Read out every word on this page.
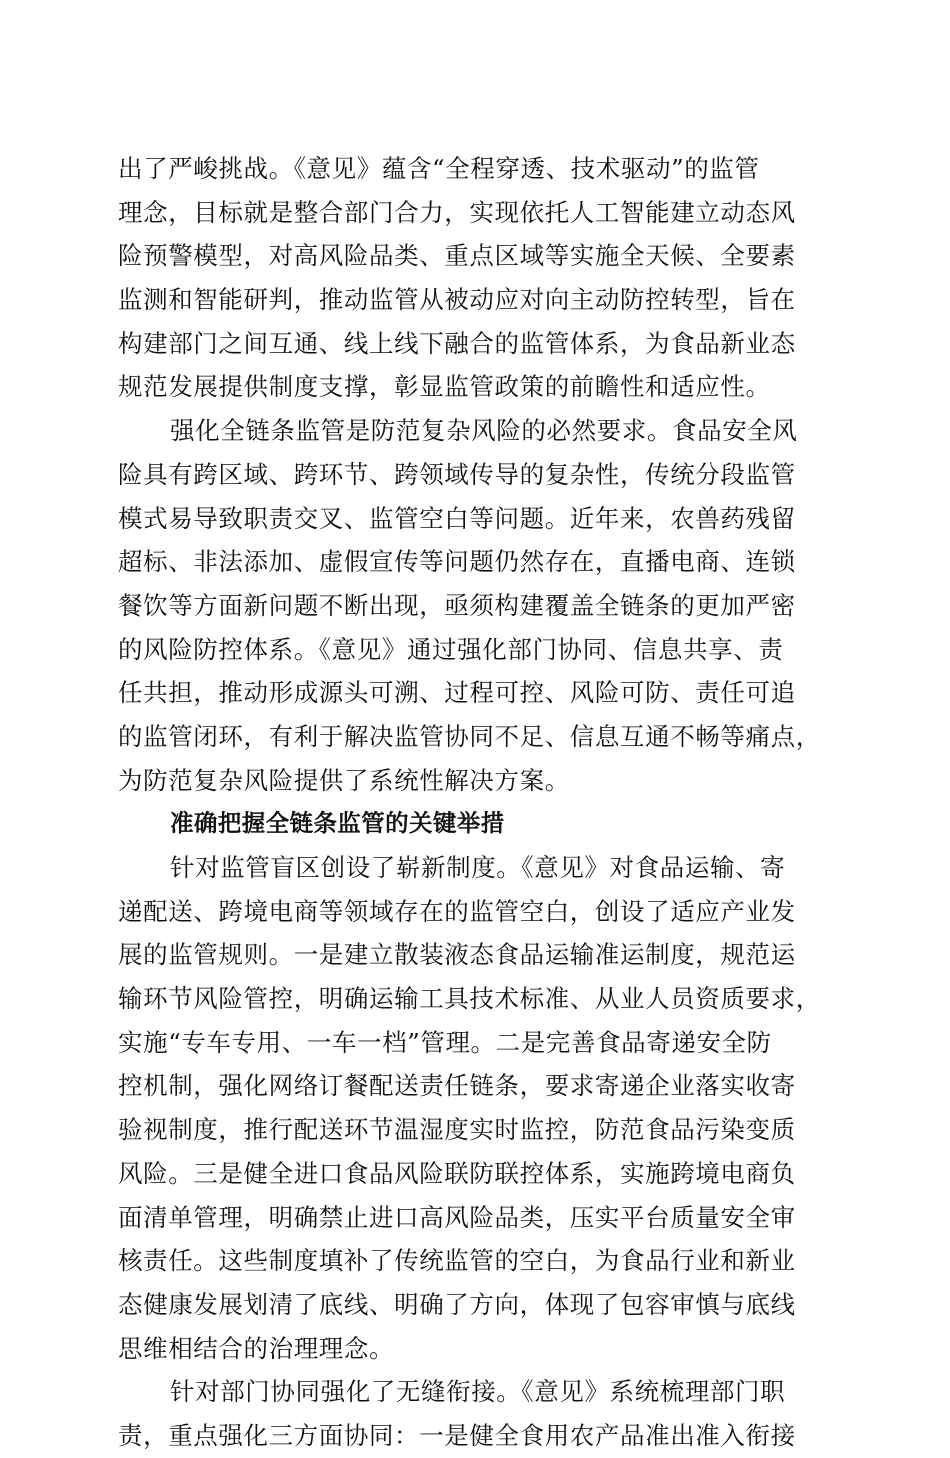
出了严峻挑战。《意见》蕴含“全程穿透、技术驱动”的监管
理念，目标就是整合部门合力，实现依托人工智能建立动态风
险预警模型，对高风险品类、重点区域等实施全天候、全要素
监测和智能研判，推动监管从被动应对向主动防控转型，旨在
构建部门之间互通、线上线下融合的监管体系，为食品新业态
规范发展提供制度支撑，彰显监管政策的前瞻性和适应性。
强化全链条监管是防范复杂风险的必然要求。食品安全风
险具有跨区域、跨环节、跨领域传导的复杂性，传统分段监管
模式易导致职责交叉、监管空白等问题。近年来，农兽药残留
超标、非法添加、虚假宣传等问题仍然存在，直播电商、连锁
餐饮等方面新问题不断出现，亟须构建覆盖全链条的更加严密
的风险防控体系。《意见》通过强化部门协同、信息共享、责
任共担，推动形成源头可溯、过程可控、风险可防、责任可追
的监管闭环，有利于解决监管协同不足、信息互通不畅等痛点，
为防范复杂风险提供了系统性解决方案。
准确把握全链条监管的关键举措
针对监管盲区创设了崭新制度。《意见》对食品运输、寄
递配送、跨境电商等领域存在的监管空白，创设了适应产业发
展的监管规则。一是建立散装液态食品运输准运制度，规范运
输环节风险管控，明确运输工具技术标准、从业人员资质要求，
实施“专车专用、一车一档”管理。二是完善食品寄递安全防
控机制，强化网络订餐配送责任链条，要求寄递企业落实收寄
验视制度，推行配送环节温湿度实时监控，防范食品污染变质
风险。三是健全进口食品风险联防联控体系，实施跨境电商负
面清单管理，明确禁止进口高风险品类，压实平台质量安全审
核责任。这些制度填补了传统监管的空白，为食品行业和新业
态健康发展划清了底线、明确了方向，体现了包容审慎与底线
思维相结合的治理理念。
针对部门协同强化了无缝衔接。《意见》系统梳理部门职
责，重点强化三方面协同：一是健全食用农产品准出准入衔接
